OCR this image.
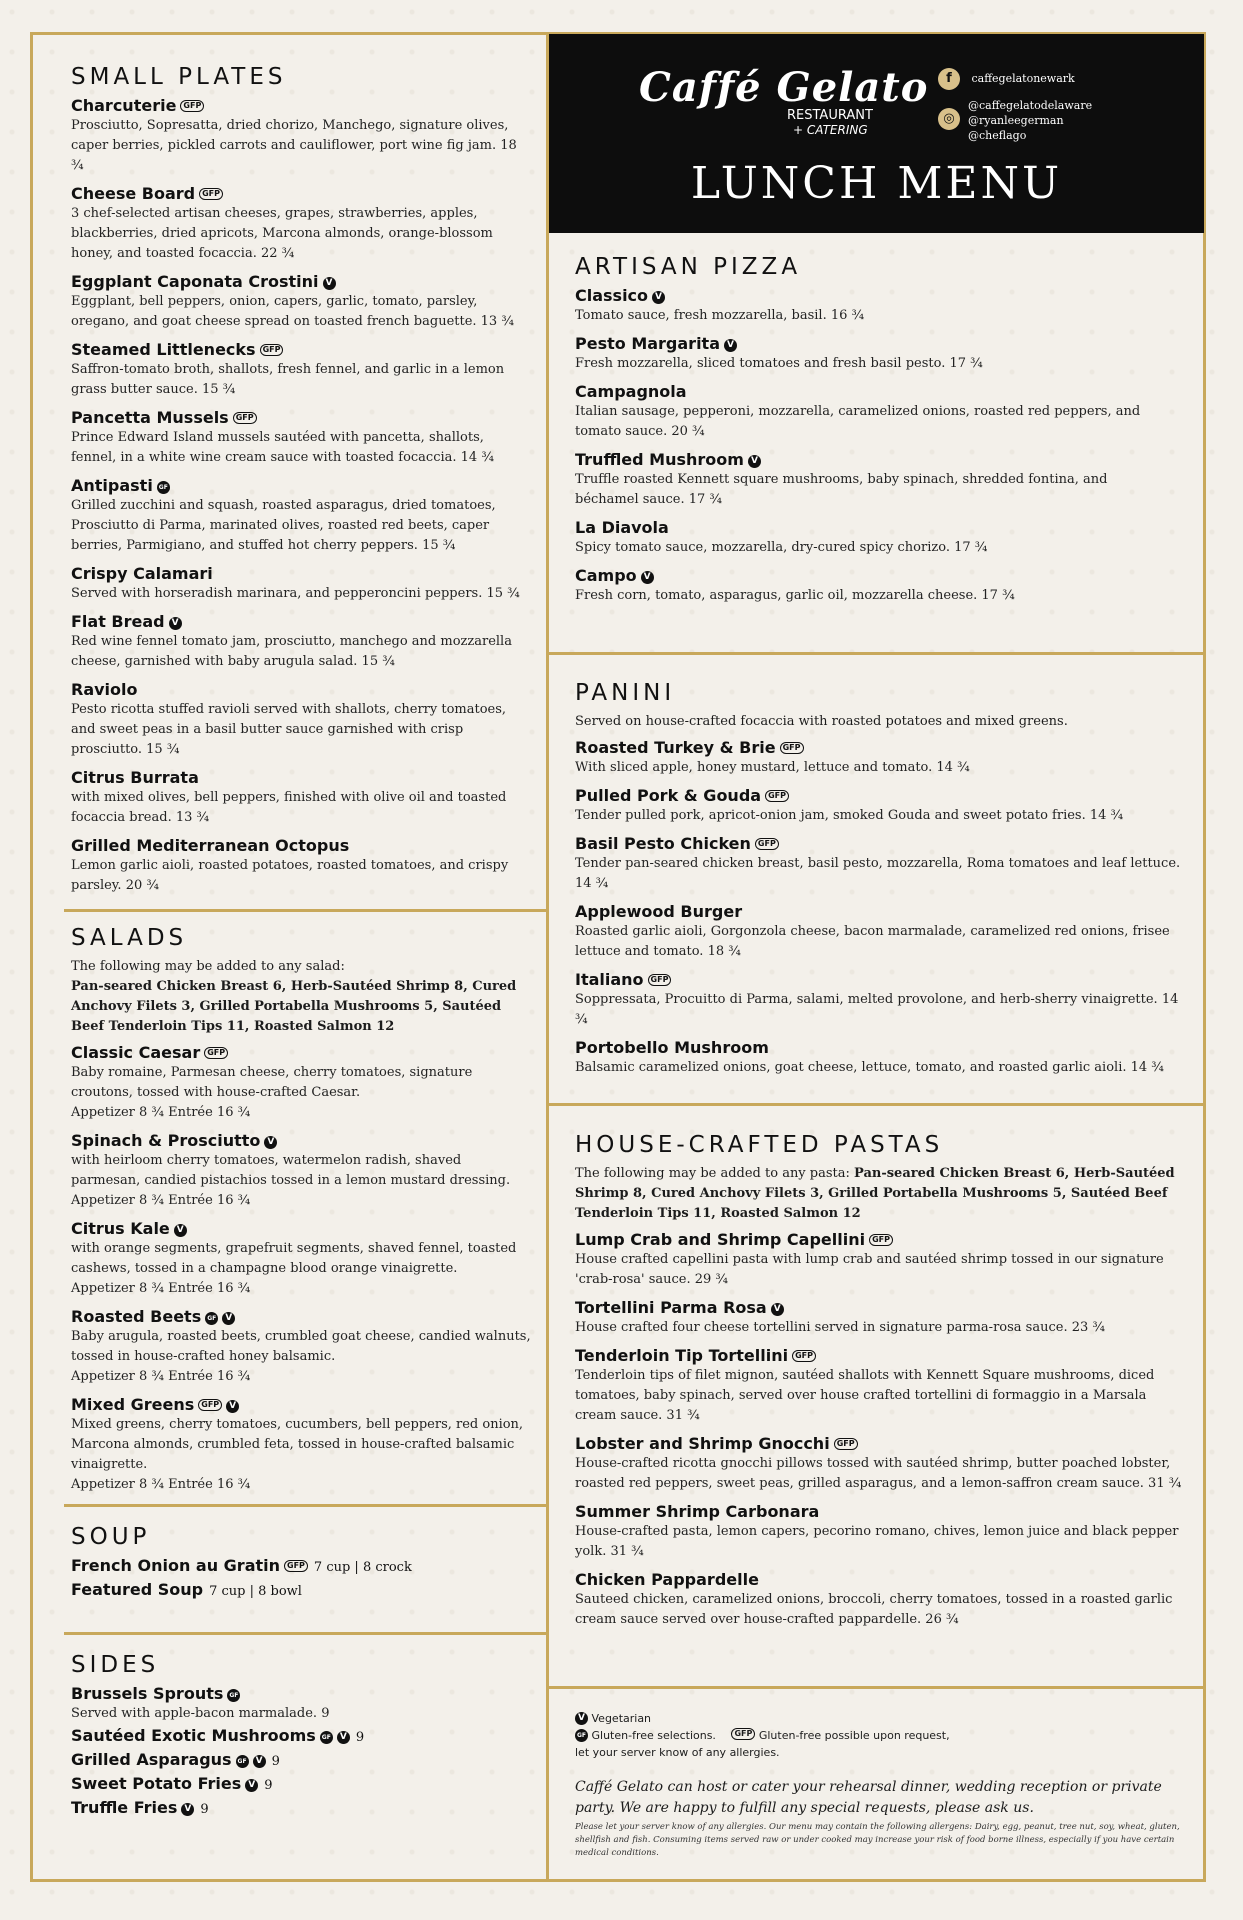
SMALL PLATES
Charcuterie GFP
Prosciutto, Sopresatta, dried chorizo, Manchego, signature olives, caper berries, pickled carrots and cauliflower, port wine fig jam. 18 ¾
Cheese Board GFP
3 chef-selected artisan cheeses, grapes, strawberries, apples, blackberries, dried apricots, Marcona almonds, orange-blossom honey, and toasted focaccia. 22 ¾
Eggplant Caponata Crostini V
Eggplant, bell peppers, onion, capers, garlic, tomato, parsley, oregano, and goat cheese spread on toasted french baguette. 13 ¾
Steamed Littlenecks GFP
Saffron-tomato broth, shallots, fresh fennel, and garlic in a lemon grass butter sauce. 15 ¾
Pancetta Mussels GFP
Prince Edward Island mussels sautéed with pancetta, shallots, fennel, in a white wine cream sauce with toasted focaccia. 14 ¾
Antipasti GF
Grilled zucchini and squash, roasted asparagus, dried tomatoes, Prosciutto di Parma, marinated olives, roasted red beets, caper berries, Parmigiano, and stuffed hot cherry peppers. 15 ¾
Crispy Calamari
Served with horseradish marinara, and pepperoncini peppers. 15 ¾
Flat Bread V
Red wine fennel tomato jam, prosciutto, manchego and mozzarella cheese, garnished with baby arugula salad. 15 ¾
Raviolo
Pesto ricotta stuffed ravioli served with shallots, cherry tomatoes, and sweet peas in a basil butter sauce garnished with crisp prosciutto. 15 ¾
Citrus Burrata
with mixed olives, bell peppers, finished with olive oil and toasted focaccia bread. 13 ¾
Grilled Mediterranean Octopus
Lemon garlic aioli, roasted potatoes, roasted tomatoes, and crispy parsley. 20 ¾
SALADS
The following may be added to any salad:
Pan-seared Chicken Breast 6, Herb-Sautéed Shrimp 8, Cured Anchovy Filets 3, Grilled Portabella Mushrooms 5, Sautéed Beef Tenderloin Tips 11, Roasted Salmon 12
Classic Caesar GFP
Baby romaine, Parmesan cheese, cherry tomatoes, signature croutons, tossed with house-crafted Caesar.
Appetizer 8 ¾ Entrée 16 ¾
Spinach & Prosciutto V
with heirloom cherry tomatoes, watermelon radish, shaved parmesan, candied pistachios tossed in a lemon mustard dressing.
Appetizer 8 ¾ Entrée 16 ¾
Citrus Kale V
with orange segments, grapefruit segments, shaved fennel, toasted cashews, tossed in a champagne blood orange vinaigrette.
Appetizer 8 ¾ Entrée 16 ¾
Roasted Beets GF V
Baby arugula, roasted beets, crumbled goat cheese, candied walnuts, tossed in house-crafted honey balsamic.
Appetizer 8 ¾ Entrée 16 ¾
Mixed Greens GFP V
Mixed greens, cherry tomatoes, cucumbers, bell peppers, red onion, Marcona almonds, crumbled feta, tossed in house-crafted balsamic vinaigrette.
Appetizer 8 ¾ Entrée 16 ¾
SOUP
French Onion au Gratin GFP 7 cup | 8 crock
Featured Soup 7 cup | 8 bowl
SIDES
Brussels Sprouts GF
Served with apple-bacon marmalade. 9
Sautéed Exotic Mushrooms GF V 9
Grilled Asparagus GF V 9
Sweet Potato Fries V 9
Truffle Fries V 9
Caffé Gelato
RESTAURANT
+ CATERING
f caffegelatonewark
◎
@caffegelatodelaware
@ryanleegerman
@cheflago
LUNCH MENU
ARTISAN PIZZA
Classico V
Tomato sauce, fresh mozzarella, basil. 16 ¾
Pesto Margarita V
Fresh mozzarella, sliced tomatoes and fresh basil pesto. 17 ¾
Campagnola
Italian sausage, pepperoni, mozzarella, caramelized onions, roasted red peppers, and tomato sauce. 20 ¾
Truffled Mushroom V
Truffle roasted Kennett square mushrooms, baby spinach, shredded fontina, and béchamel sauce. 17 ¾
La Diavola
Spicy tomato sauce, mozzarella, dry-cured spicy chorizo. 17 ¾
Campo V
Fresh corn, tomato, asparagus, garlic oil, mozzarella cheese. 17 ¾
PANINI
Served on house-crafted focaccia with roasted potatoes and mixed greens.
Roasted Turkey & Brie GFP
With sliced apple, honey mustard, lettuce and tomato. 14 ¾
Pulled Pork & Gouda GFP
Tender pulled pork, apricot-onion jam, smoked Gouda and sweet potato fries. 14 ¾
Basil Pesto Chicken GFP
Tender pan-seared chicken breast, basil pesto, mozzarella, Roma tomatoes and leaf lettuce. 14 ¾
Applewood Burger
Roasted garlic aioli, Gorgonzola cheese, bacon marmalade, caramelized red onions, frisee lettuce and tomato. 18 ¾
Italiano GFP
Soppressata, Procuitto di Parma, salami, melted provolone, and herb-sherry vinaigrette. 14 ¾
Portobello Mushroom
Balsamic caramelized onions, goat cheese, lettuce, tomato, and roasted garlic aioli. 14 ¾
HOUSE-CRAFTED PASTAS
The following may be added to any pasta: Pan-seared Chicken Breast 6, Herb-Sautéed Shrimp 8, Cured Anchovy Filets 3, Grilled Portabella Mushrooms 5, Sautéed Beef Tenderloin Tips 11, Roasted Salmon 12
Lump Crab and Shrimp Capellini GFP
House crafted capellini pasta with lump crab and sautéed shrimp tossed in our signature 'crab-rosa' sauce. 29 ¾
Tortellini Parma Rosa V
House crafted four cheese tortellini served in signature parma-rosa sauce. 23 ¾
Tenderloin Tip Tortellini GFP
Tenderloin tips of filet mignon, sautéed shallots with Kennett Square mushrooms, diced tomatoes, baby spinach, served over house crafted tortellini di formaggio in a Marsala cream sauce. 31 ¾
Lobster and Shrimp Gnocchi GFP
House-crafted ricotta gnocchi pillows tossed with sautéed shrimp, butter poached lobster, roasted red peppers, sweet peas, grilled asparagus, and a lemon-saffron cream sauce. 31 ¾
Summer Shrimp Carbonara
House-crafted pasta, lemon capers, pecorino romano, chives, lemon juice and black pepper yolk. 31 ¾
Chicken Pappardelle
Sauteed chicken, caramelized onions, broccoli, cherry tomatoes, tossed in a roasted garlic cream sauce served over house-crafted pappardelle. 26 ¾
V Vegetarian
GF Gluten-free selections. GFP Gluten-free possible upon request,
let your server know of any allergies.
Caffé Gelato can host or cater your rehearsal dinner, wedding reception or private party. We are happy to fulfill any special requests, please ask us.
Please let your server know of any allergies. Our menu may contain the following allergens: Dairy, egg, peanut, tree nut, soy, wheat, gluten, shellfish and fish. Consuming items served raw or under cooked may increase your risk of food borne illness, especially if you have certain medical conditions.
